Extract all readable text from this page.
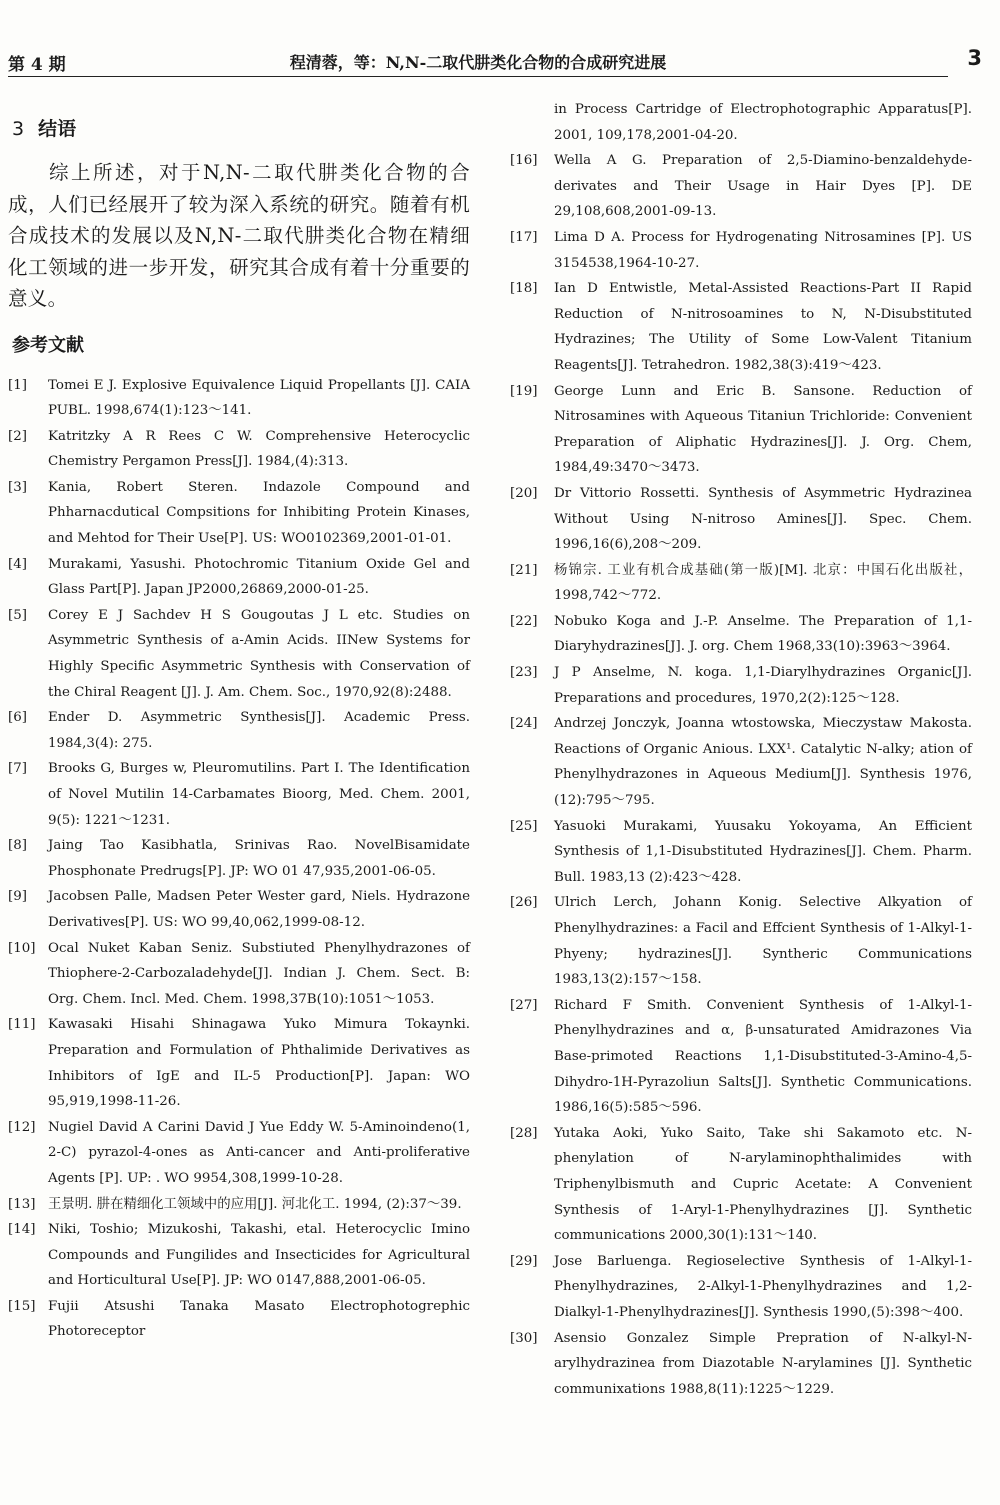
第 4 期	程清蓉，等：N,N-二取代肼类化合物的合成研究进展	3
3 结语

综上所述，对于N,N-二取代肼类化合物的合成，人们已经展开了较为深入系统的研究。随着有机合成技术的发展以及N,N-二取代肼类化合物在精细化工领域的进一步开发，研究其合成有着十分重要的意义。

参考文献
[1]	Tomei E J. Explosive Equivalence Liquid Propellants [J]. CAIA PUBL. 1998,674(1):123～141.
[2]	Katritzky A R Rees C W. Comprehensive Heterocyclic Chemistry Pergamon Press[J]. 1984,(4):313.
[3]	Kania, Robert Steren. Indazole Compound and Phharnacdutical Compsitions for Inhibiting Protein Kinases, and Mehtod for Their Use[P]. US: WO0102369,2001-01-01.
[4]	Murakami, Yasushi. Photochromic Titanium Oxide Gel and Glass Part[P]. Japan JP2000,26869,2000-01-25.
[5]	Corey E J Sachdev H S Gougoutas J L etc. Studies on Asymmetric Synthesis of a-Amin Acids. IINew Systems for Highly Specific Asymmetric Synthesis with Conservation of the Chiral Reagent [J]. J. Am. Chem. Soc., 1970,92(8):2488.
[6]	Ender D. Asymmetric Synthesis[J]. Academic Press. 1984,3(4): 275.
[7]	Brooks G, Burges w, Pleuromutilins. Part I. The Identification of Novel Mutilin 14-Carbamates Bioorg, Med. Chem. 2001, 9(5): 1221～1231.
[8]	Jaing Tao Kasibhatla, Srinivas Rao. NovelBisamidate Phosphonate Predrugs[P]. JP: WO 01 47,935,2001-06-05.
[9]	Jacobsen Palle, Madsen Peter Wester gard, Niels. Hydrazone Derivatives[P]. US: WO 99,40,062,1999-08-12.
[10] Ocal Nuket Kaban Seniz. Substiuted Phenylhydrazones of Thiophere-2-Carbozaladehyde[J]. Indian J. Chem. Sect. B: Org. Chem. Incl. Med. Chem. 1998,37B(10):1051～1053.
[11] Kawasaki Hisahi Shinagawa Yuko Mimura Tokaynki. Preparation and Formulation of Phthalimide Derivatives as Inhibitors of IgE and IL-5 Production[P]. Japan: WO 95,919,1998-11-26.
[12] Nugiel David A Carini David J Yue Eddy W. 5-Aminoindeno(1, 2-C) pyrazol-4-ones as Anti-cancer and Anti-proliferative Agents [P]. UP: . WO 9954,308,1999-10-28.
[13] 王景明. 肼在精细化工领域中的应用[J]. 河北化工. 1994, (2):37～39.
[14] Niki, Toshio; Mizukoshi, Takashi, etal. Heterocyclic Imino Compounds and Fungilides and Insecticides for Agricultural and Horticultural Use[P]. JP: WO 0147,888,2001-06-05.
[15] Fujii Atsushi Tanaka Masato Electrophotogrephic Photoreceptor
in Process Cartridge of Electrophotographic Apparatus[P]. 2001, 109,178,2001-04-20.
[16]	Wella A G. Preparation of 2,5-Diamino-benzaldehyde-derivates and Their Usage in Hair Dyes [P]. DE 29,108,608,2001-09-13.
[17]	Lima D A. Process for Hydrogenating Nitrosamines [P]. US 3154538,1964-10-27.
[18]	Ian D Entwistle, Metal-Assisted Reactions-Part II Rapid Reduction of N-nitrosoamines to N, N-Disubstituted Hydrazines; The Utility of Some Low-Valent Titanium Reagents[J]. Tetrahedron. 1982,38(3):419～423.
[19]	George Lunn and Eric B. Sansone. Reduction of Nitrosamines with Aqueous Titaniun Trichloride: Convenient Preparation of Aliphatic Hydrazines[J]. J. Org. Chem, 1984,49:3470～3473.
[20]	Dr Vittorio Rossetti. Synthesis of Asymmetric Hydrazinea Without Using N-nitroso Amines[J]. Spec. Chem. 1996,16(6),208～209.
[21]	杨锦宗. 工业有机合成基础(第一版)[M]. 北京：中国石化出版社，1998,742～772.
[22]	Nobuko Koga and J.-P. Anselme. The Preparation of 1,1-Diaryhydrazines[J]. J. org. Chem 1968,33(10):3963～3964.
[23]	J P Anselme, N. koga. 1,1-Diarylhydrazines Organic[J]. Preparations and procedures, 1970,2(2):125～128.
[24]	Andrzej Jonczyk, Joanna wtostowska, Mieczystaw Makosta. Reactions of Organic Anious. LXX¹. Catalytic N-alky; ation of Phenylhydrazones in Aqueous Medium[J]. Synthesis 1976,(12):795～795.
[25]	Yasuoki Murakami, Yuusaku Yokoyama, An Efficient Synthesis of 1,1-Disubstituted Hydrazines[J]. Chem. Pharm. Bull. 1983,13 (2):423～428.
[26]	Ulrich Lerch, Johann Konig. Selective Alkyation of Phenylhydrazines: a Facil and Effcient Synthesis of 1-Alkyl-1-Phyeny; hydrazines[J]. Syntheric Communications 1983,13(2):157～158.
[27]	Richard F Smith. Convenient Synthesis of 1-Alkyl-1-Phenylhydrazines and α, β-unsaturated Amidrazones Via Base-primoted Reactions 1,1-Disubstituted-3-Amino-4,5-Dihydro-1H-Pyrazoliun Salts[J]. Synthetic Communications. 1986,16(5):585～596.
[28]	Yutaka Aoki, Yuko Saito, Take shi Sakamoto etc. N-phenylation of N-arylaminophthalimides with Triphenylbismuth and Cupric Acetate: A Convenient Synthesis of 1-Aryl-1-Phenylhydrazines [J]. Synthetic communications 2000,30(1):131～140.
[29]	Jose Barluenga. Regioselective Synthesis of 1-Alkyl-1-Phenylhydrazines, 2-Alkyl-1-Phenylhydrazines and 1,2-Dialkyl-1-Phenylhydrazines[J]. Synthesis 1990,(5):398～400.
[30]	Asensio Gonzalez Simple Prepration of N-alkyl-N-arylhydrazinea from Diazotable N-arylamines [J]. Synthetic communixations 1988,8(11):1225～1229.
